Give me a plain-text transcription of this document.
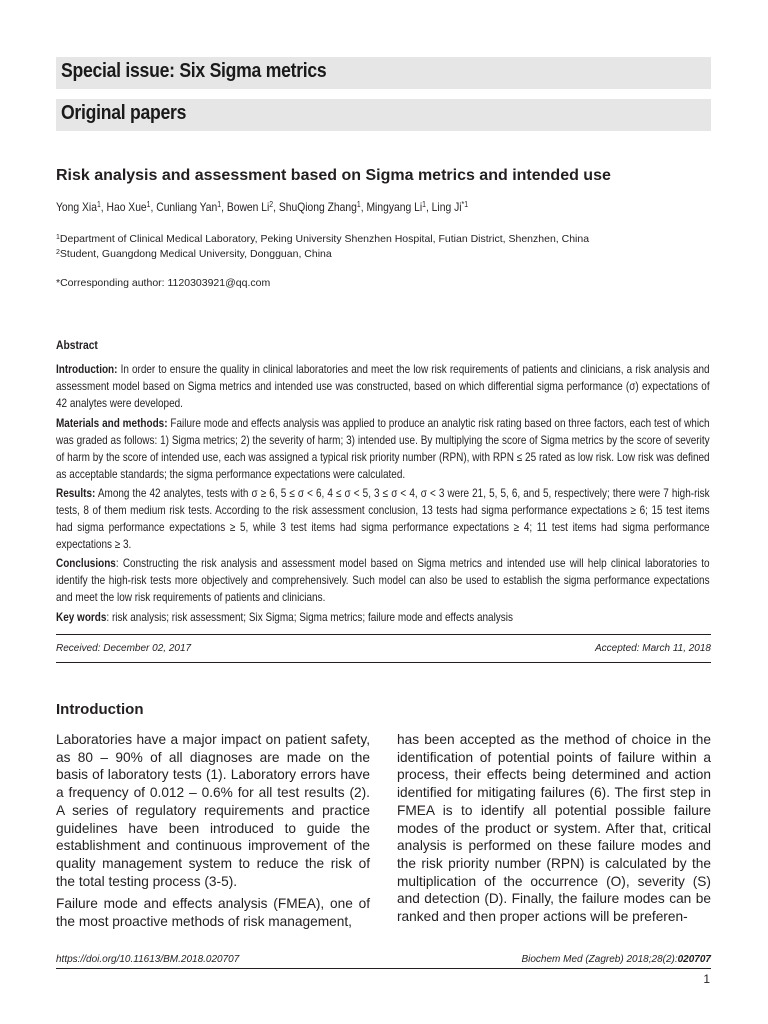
Special issue: Six Sigma metrics
Original papers
Risk analysis and assessment based on Sigma metrics and intended use
Yong Xia$^1$, Hao Xue$^1$, Cunliang Yan$^1$, Bowen Li$^2$, ShuQiong Zhang$^1$, Mingyang Li$^1$, Ling Ji$^{*1}$
$^1$Department of Clinical Medical Laboratory, Peking University Shenzhen Hospital, Futian District, Shenzhen, China
$^2$Student, Guangdong Medical University, Dongguan, China
*Corresponding author: 1120303921@qq.com
Abstract
Introduction: In order to ensure the quality in clinical laboratories and meet the low risk requirements of patients and clinicians, a risk analysis and assessment model based on Sigma metrics and intended use was constructed, based on which differential sigma performance (σ) expectations of 42 analytes were developed.
Materials and methods: Failure mode and effects analysis was applied to produce an analytic risk rating based on three factors, each test of which was graded as follows: 1) Sigma metrics; 2) the severity of harm; 3) intended use. By multiplying the score of Sigma metrics by the score of severity of harm by the score of intended use, each was assigned a typical risk priority number (RPN), with RPN ≤ 25 rated as low risk. Low risk was defined as acceptable standards; the sigma performance expectations were calculated.
Results: Among the 42 analytes, tests with σ ≥ 6, 5 ≤ σ < 6, 4 ≤ σ < 5, 3 ≤ σ < 4, σ < 3 were 21, 5, 5, 6, and 5, respectively; there were 7 high-risk tests, 8 of them medium risk tests. According to the risk assessment conclusion, 13 tests had sigma performance expectations ≥ 6; 15 test items had sigma performance expectations ≥ 5, while 3 test items had sigma performance expectations ≥ 4; 11 test items had sigma performance expectations ≥ 3.
Conclusions: Constructing the risk analysis and assessment model based on Sigma metrics and intended use will help clinical laboratories to identify the high-risk tests more objectively and comprehensively. Such model can also be used to establish the sigma performance expectations and meet the low risk requirements of patients and clinicians.
Key words: risk analysis; risk assessment; Six Sigma; Sigma metrics; failure mode and effects analysis
Received: December 02, 2017	Accepted: March 11, 2018
Introduction

Laboratories have a major impact on patient safety, as 80 – 90% of all diagnoses are made on the basis of laboratory tests (1). Laboratory errors have a frequency of 0.012 – 0.6% for all test results (2). A series of regulatory requirements and practice guidelines have been introduced to guide the establishment and continuous improvement of the quality management system to reduce the risk of the total testing process (3-5).

Failure mode and effects analysis (FMEA), one of the most proactive methods of risk management,

has been accepted as the method of choice in the identification of potential points of failure within a process, their effects being determined and action identified for mitigating failures (6). The first step in FMEA is to identify all potential possible failure modes of the product or system. After that, critical analysis is performed on these failure modes and the risk priority number (RPN) is calculated by the multiplication of the occurrence (O), severity (S) and detection (D). Finally, the failure modes can be ranked and then proper actions will be preferen-

https://doi.org/10.11613/BM.2018.020707	Biochem Med (Zagreb) 2018;28(2):020707
1
